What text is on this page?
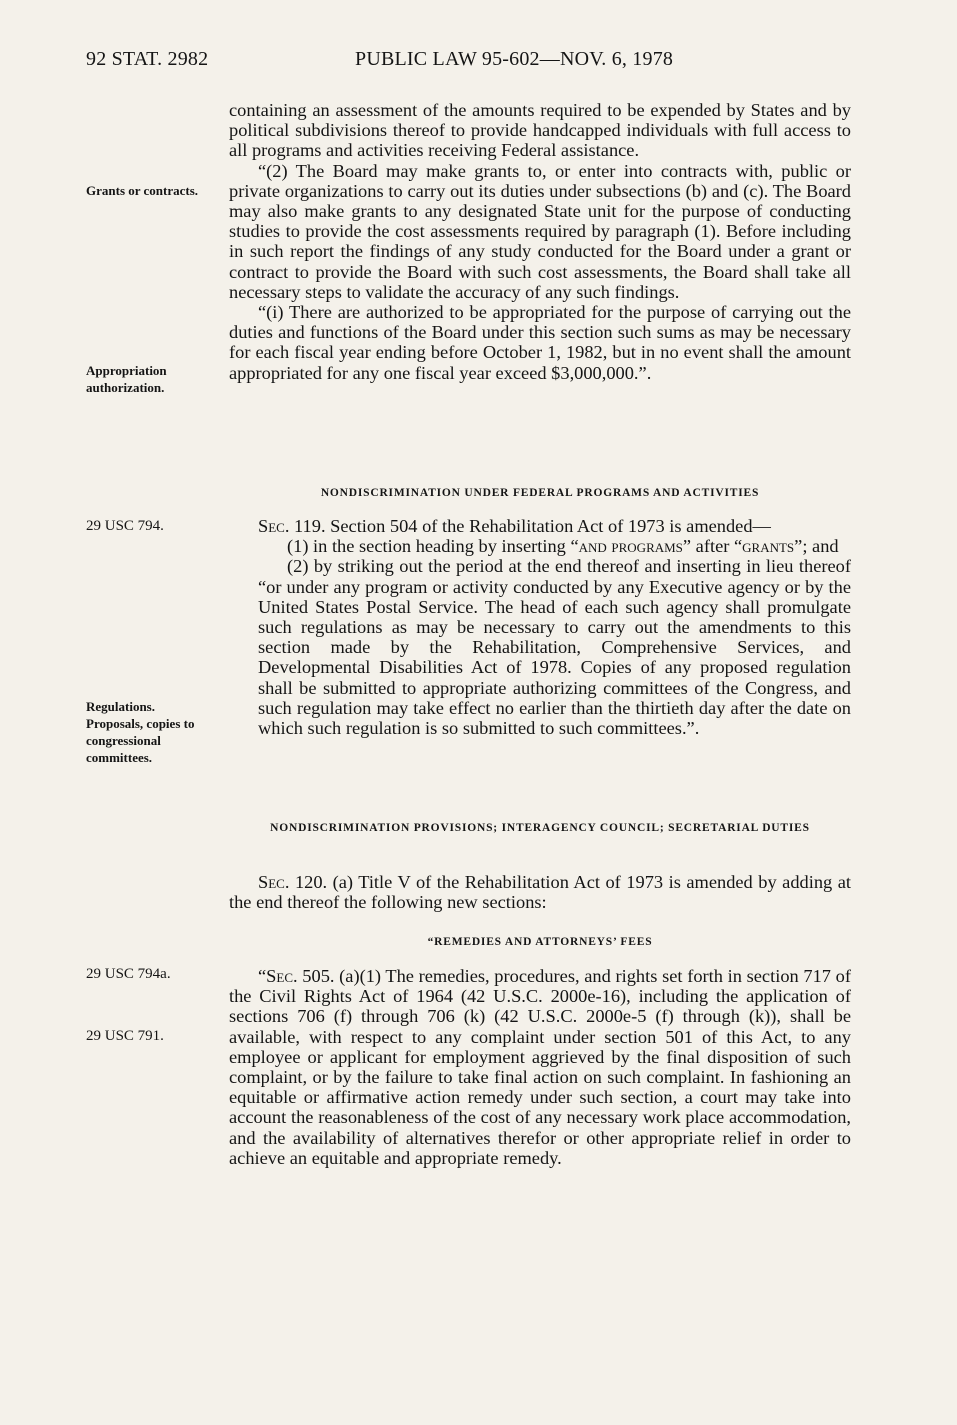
92 STAT. 2982	PUBLIC LAW 95-602—NOV. 6, 1978
Grants or contracts.
Appropriation authorization.
29 USC 794.
Regulations.
Proposals, copies to congressional committees.
29 USC 794a.
29 USC 791.

containing an assessment of the amounts required to be expended by States and by political subdivisions thereof to provide handcapped individuals with full access to all programs and activities receiving Federal assistance.

“(2) The Board may make grants to, or enter into contracts with, public or private organizations to carry out its duties under subsections (b) and (c). The Board may also make grants to any designated State unit for the purpose of conducting studies to provide the cost assessments required by paragraph (1). Before including in such report the findings of any study conducted for the Board under a grant or contract to provide the Board with such cost assessments, the Board shall take all necessary steps to validate the accuracy of any such findings.

“(i) There are authorized to be appropriated for the purpose of carrying out the duties and functions of the Board under this section such sums as may be necessary for each fiscal year ending before October 1, 1982, but in no event shall the amount appropriated for any one fiscal year exceed $3,000,000.”.

NONDISCRIMINATION UNDER FEDERAL PROGRAMS AND ACTIVITIES

Sec. 119. Section 504 of the Rehabilitation Act of 1973 is amended—

(1) in the section heading by inserting “and programs” after “grants”; and

(2) by striking out the period at the end thereof and inserting in lieu thereof “or under any program or activity conducted by any Executive agency or by the United States Postal Service. The head of each such agency shall promulgate such regulations as may be necessary to carry out the amendments to this section made by the Rehabilitation, Comprehensive Services, and Developmental Disabilities Act of 1978. Copies of any proposed regulation shall be submitted to appropriate authorizing committees of the Congress, and such regulation may take effect no earlier than the thirtieth day after the date on which such regulation is so submitted to such committees.”.

NONDISCRIMINATION PROVISIONS; INTERAGENCY COUNCIL; SECRETARIAL DUTIES

Sec. 120. (a) Title V of the Rehabilitation Act of 1973 is amended by adding at the end thereof the following new sections:

“REMEDIES AND ATTORNEYS’ FEES

“Sec. 505. (a)(1) The remedies, procedures, and rights set forth in section 717 of the Civil Rights Act of 1964 (42 U.S.C. 2000e-16), including the application of sections 706 (f) through 706 (k) (42 U.S.C. 2000e-5 (f) through (k)), shall be available, with respect to any complaint under section 501 of this Act, to any employee or applicant for employment aggrieved by the final disposition of such complaint, or by the failure to take final action on such complaint. In fashioning an equitable or affirmative action remedy under such section, a court may take into account the reasonableness of the cost of any necessary work place accommodation, and the availability of alternatives therefor or other appropriate relief in order to achieve an equitable and appropriate remedy.
